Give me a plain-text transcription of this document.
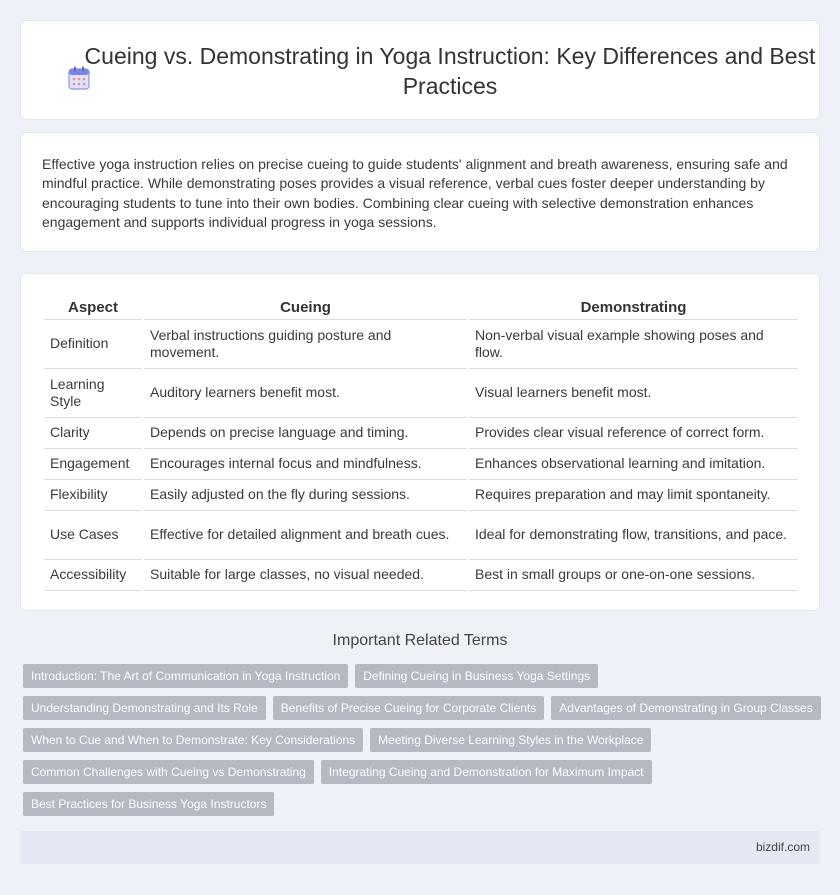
Cueing vs. Demonstrating in Yoga Instruction: Key Differences and Best Practices

Effective yoga instruction relies on precise cueing to guide students' alignment and breath awareness, ensuring safe and mindful practice. While demonstrating poses provides a visual reference, verbal cues foster deeper understanding by encouraging students to tune into their own bodies. Combining clear cueing with selective demonstration enhances engagement and supports individual progress in yoga sessions.

Aspect	Cueing	Demonstrating
Definition	Verbal instructions guiding posture and movement.	Non-verbal visual example showing poses and flow.
Learning Style	Auditory learners benefit most.	Visual learners benefit most.
Clarity	Depends on precise language and timing.	Provides clear visual reference of correct form.
Engagement	Encourages internal focus and mindfulness.	Enhances observational learning and imitation.
Flexibility	Easily adjusted on the fly during sessions.	Requires preparation and may limit spontaneity.
Use Cases	Effective for detailed alignment and breath cues.	Ideal for demonstrating flow, transitions, and pace.
Accessibility	Suitable for large classes, no visual needed.	Best in small groups or one-on-one sessions.
Important Related Terms
Introduction: The Art of Communication in Yoga Instruction	Defining Cueing in Business Yoga Settings
Understanding Demonstrating and Its Role	Benefits of Precise Cueing for Corporate Clients	Advantages of Demonstrating in Group Classes
When to Cue and When to Demonstrate: Key Considerations	Meeting Diverse Learning Styles in the Workplace
Common Challenges with Cueing vs Demonstrating	Integrating Cueing and Demonstration for Maximum Impact
Best Practices for Business Yoga Instructors
bizdif.com
